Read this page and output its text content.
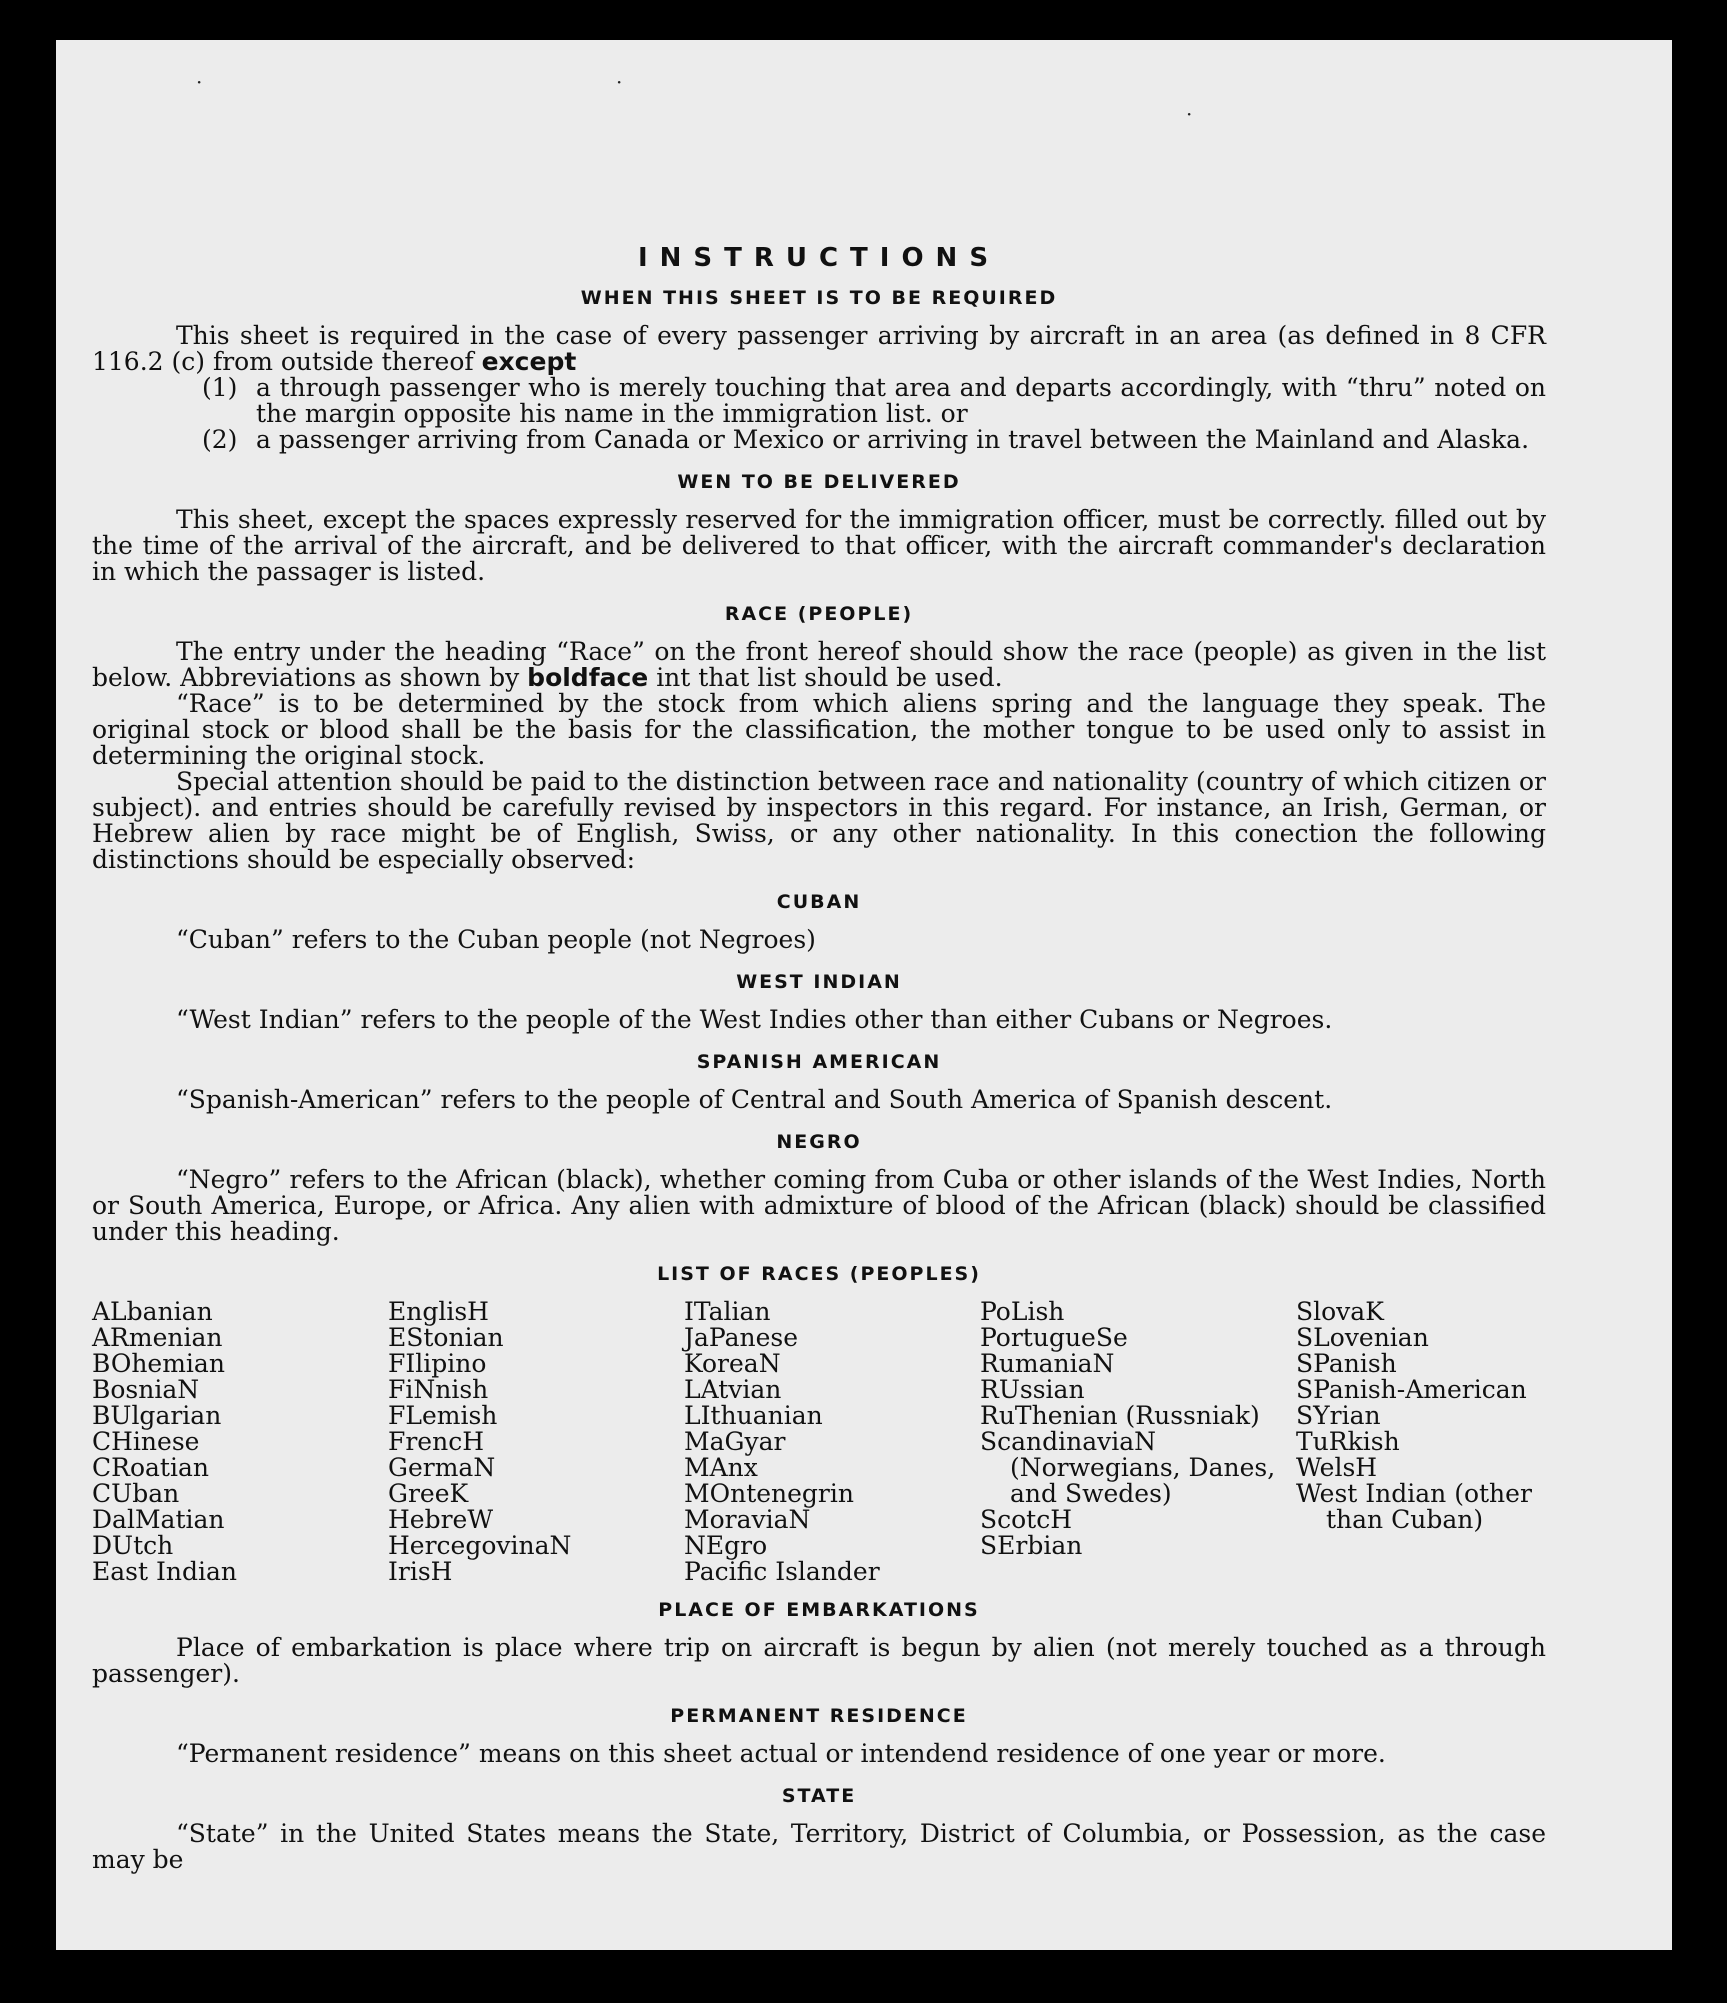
·	·
·
INSTRUCTIONS
WHEN THIS SHEET IS TO BE REQUIRED

This sheet is required in the case of every passenger arriving by aircraft in an area (as defined in 8 CFR 116.2 (c) from outside thereof except

(1) a through passenger who is merely touching that area and departs accordingly, with “thru” noted on the margin opposite his name in the immigration list. or
(2) a passenger arriving from Canada or Mexico or arriving in travel between the Mainland and Alaska.
WEN TO BE DELIVERED

This sheet, except the spaces expressly reserved for the immigration officer, must be correctly. filled out by the time of the arrival of the aircraft, and be delivered to that officer, with the aircraft commander's declaration in which the passager is listed.

RACE (PEOPLE)

The entry under the heading “Race” on the front hereof should show the race (people) as given in the list below. Abbreviations as shown by boldface int that list should be used.

“Race” is to be determined by the stock from which aliens spring and the language they speak. The original stock or blood shall be the basis for the classification, the mother tongue to be used only to assist in determining the original stock.

Special attention should be paid to the distinction between race and nationality (country of which citizen or subject). and entries should be carefully revised by inspectors in this regard. For instance, an Irish, German, or Hebrew alien by race might be of English, Swiss, or any other nationality. In this conection the following distinctions should be especially observed:

CUBAN

“Cuban” refers to the Cuban people (not Negroes)

WEST INDIAN

“West Indian” refers to the people of the West Indies other than either Cubans or Negroes.

SPANISH AMERICAN

“Spanish-American” refers to the people of Central and South America of Spanish descent.

NEGRO

“Negro” refers to the African (black), whether coming from Cuba or other islands of the West Indies, North or South America, Europe, or Africa. Any alien with admixture of blood of the African (black) should be classified under this heading.

LIST OF RACES (PEOPLES)
ALbanian
ARmenian
BOhemian
BosniaN
BUlgarian
CHinese
CRoatian
CUban
DalMatian
DUtch
East Indian
EnglisH
EStonian
FIlipino
FiNnish
FLemish
FrencH
GermaN
GreeK
HebreW
HercegovinaN
IrisH
ITalian
JaPanese
KoreaN
LAtvian
LIthuanian
MaGyar
MAnx
MOntenegrin
MoraviaN
NEgro
Pacific Islander
PoLish
PortugueSe
RumaniaN
RUssian
RuThenian (Russniak)
ScandinaviaN (Norwegians, Danes, and Swedes)
ScotcH
SErbian
SlovaK
SLovenian
SPanish
SPanish-American
SYrian
TuRkish
WelsH
West Indian (other than Cuban)
PLACE OF EMBARKATIONS

Place of embarkation is place where trip on aircraft is begun by alien (not merely touched as a through passenger).

PERMANENT RESIDENCE

“Permanent residence” means on this sheet actual or intendend residence of one year or more.

STATE

“State” in the United States means the State, Territory, District of Columbia, or Possession, as the case may be
